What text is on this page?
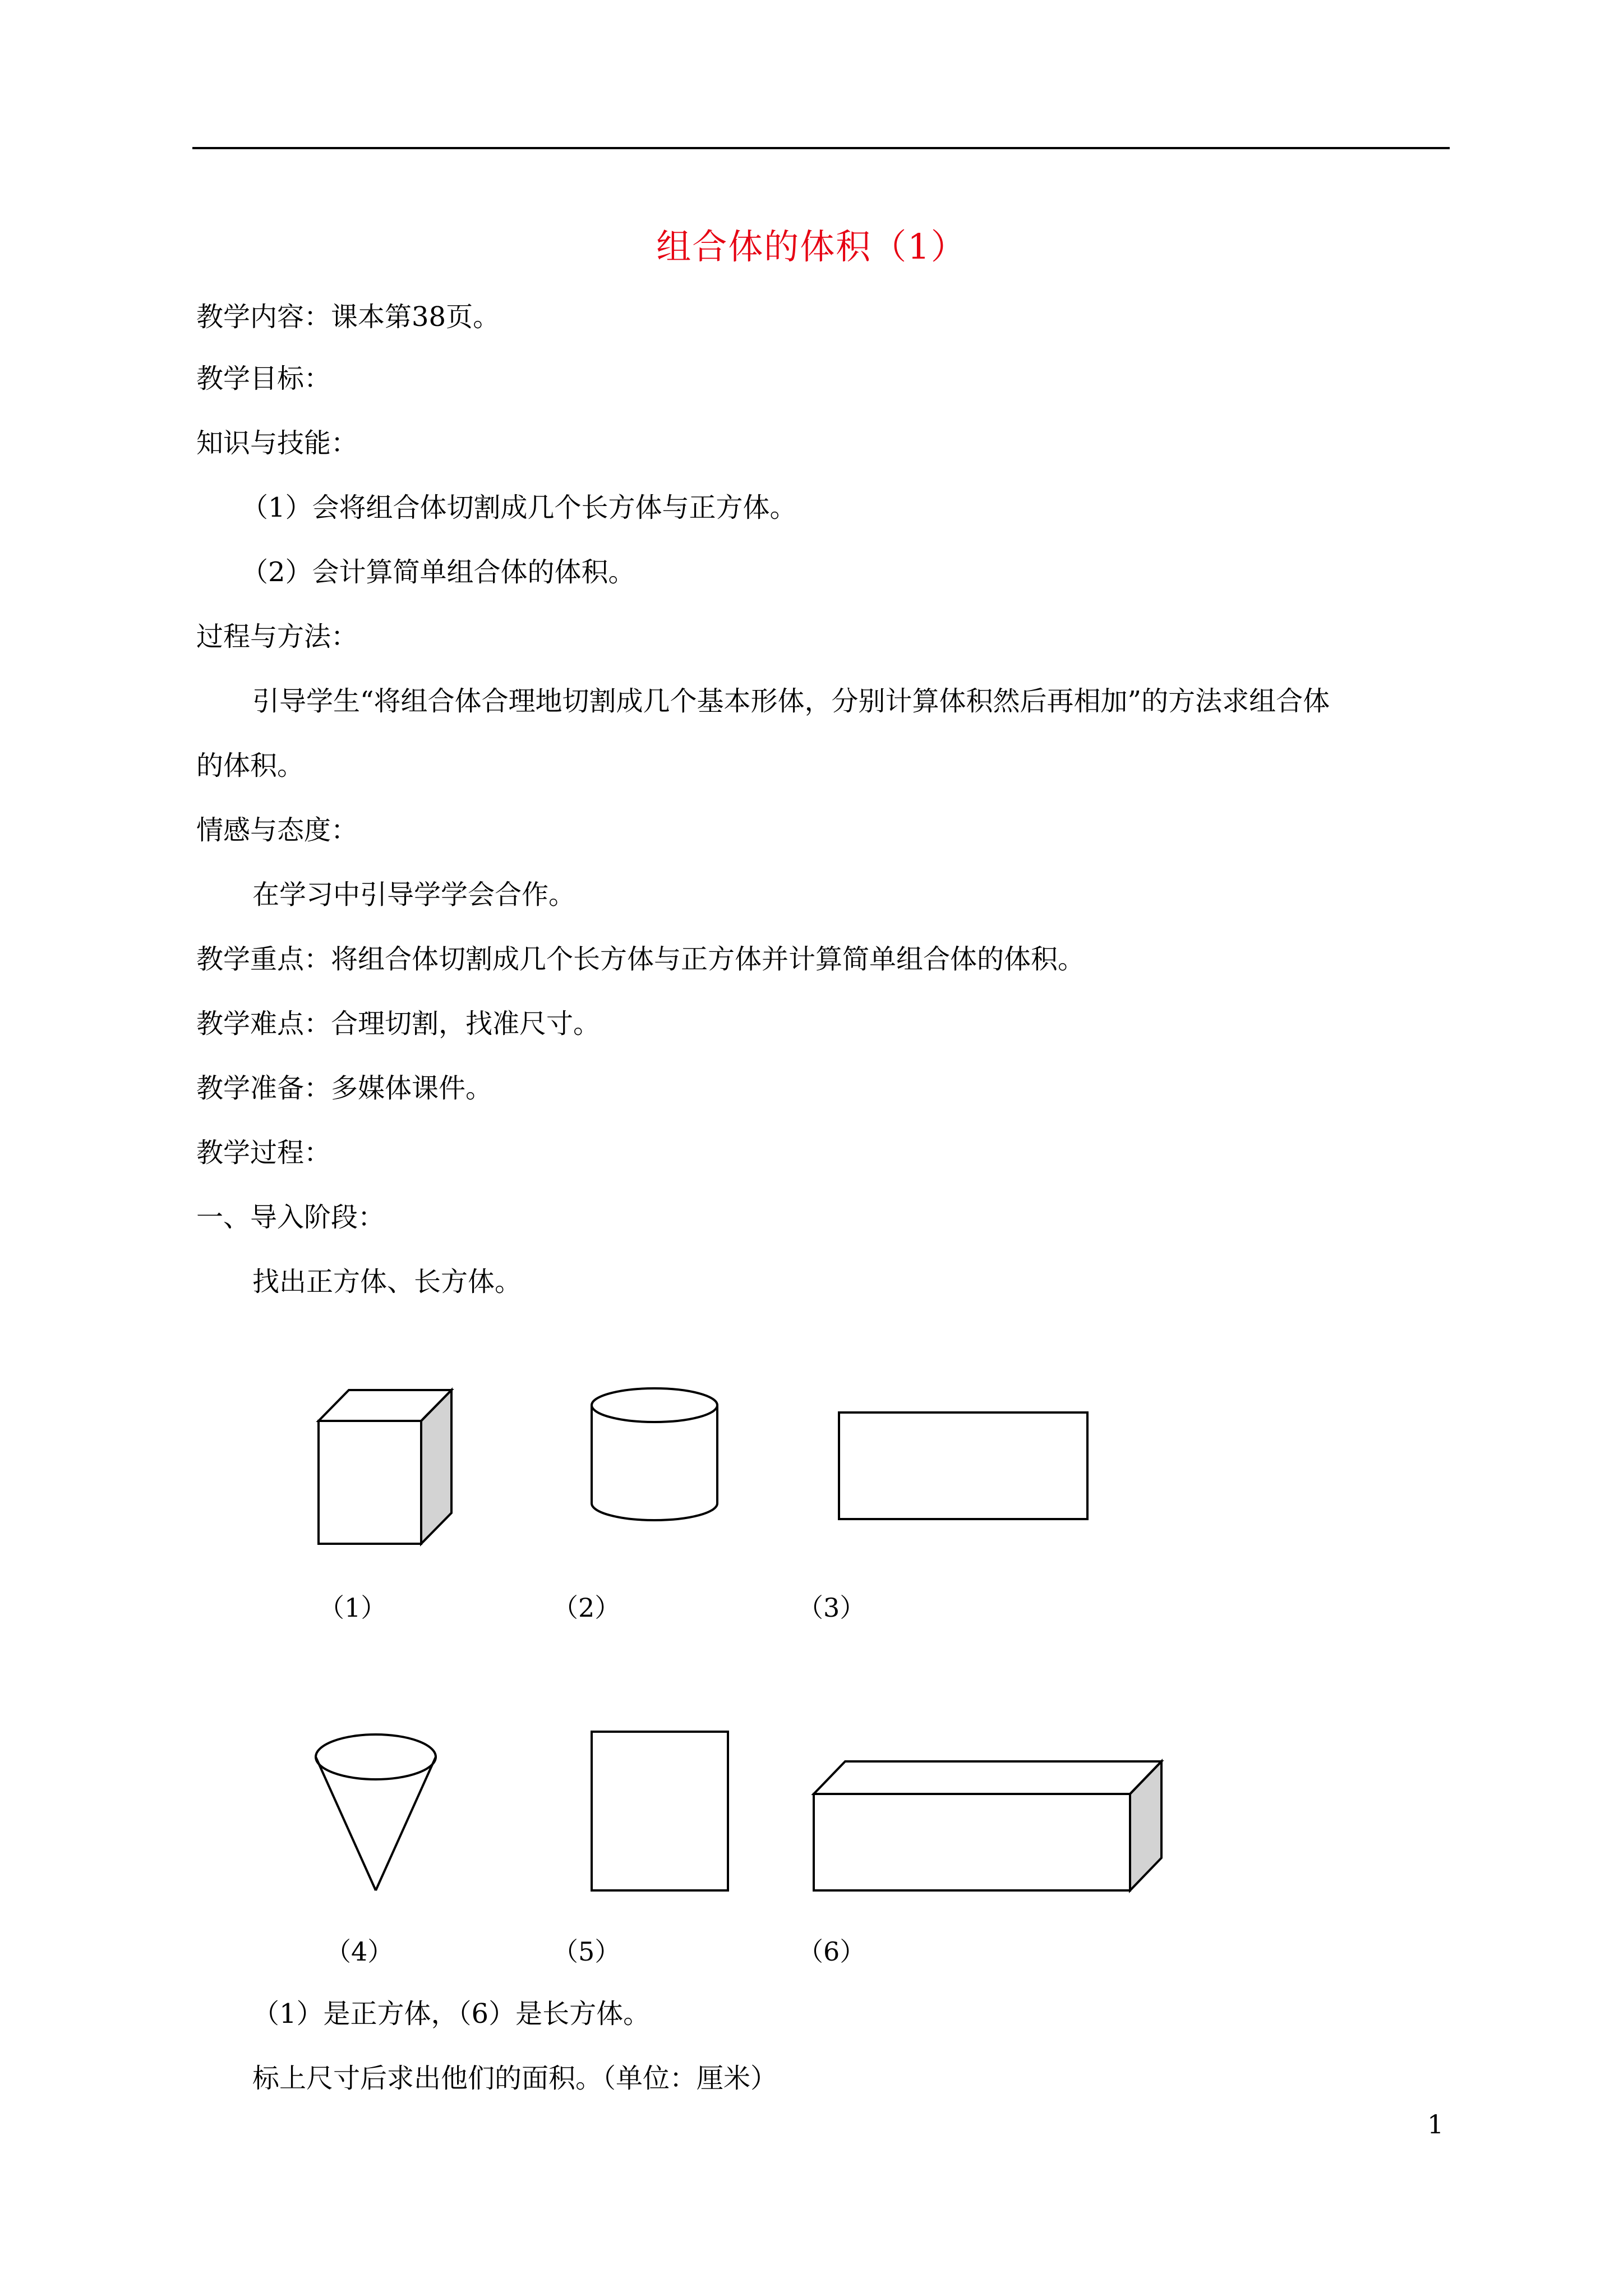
组合体的体积（1）
教学内容：课本第38页。
教学目标：
知识与技能：
（1）会将组合体切割成几个长方体与正方体。
（2）会计算简单组合体的体积。
过程与方法：
引导学生“将组合体合理地切割成几个基本形体，分别计算体积然后再相加”的方法求组合体
的体积。
情感与态度：
在学习中引导学学会合作。
教学重点：将组合体切割成几个长方体与正方体并计算简单组合体的体积。
教学难点：合理切割，找准尺寸。
教学准备：多媒体课件。
教学过程：
一、导入阶段：
找出正方体、长方体。
（1）	（2）	（3）
（4）	（5）	（6）
（1）是正方体，（6）是长方体。
标上尺寸后求出他们的面积。（单位：厘米）
1
